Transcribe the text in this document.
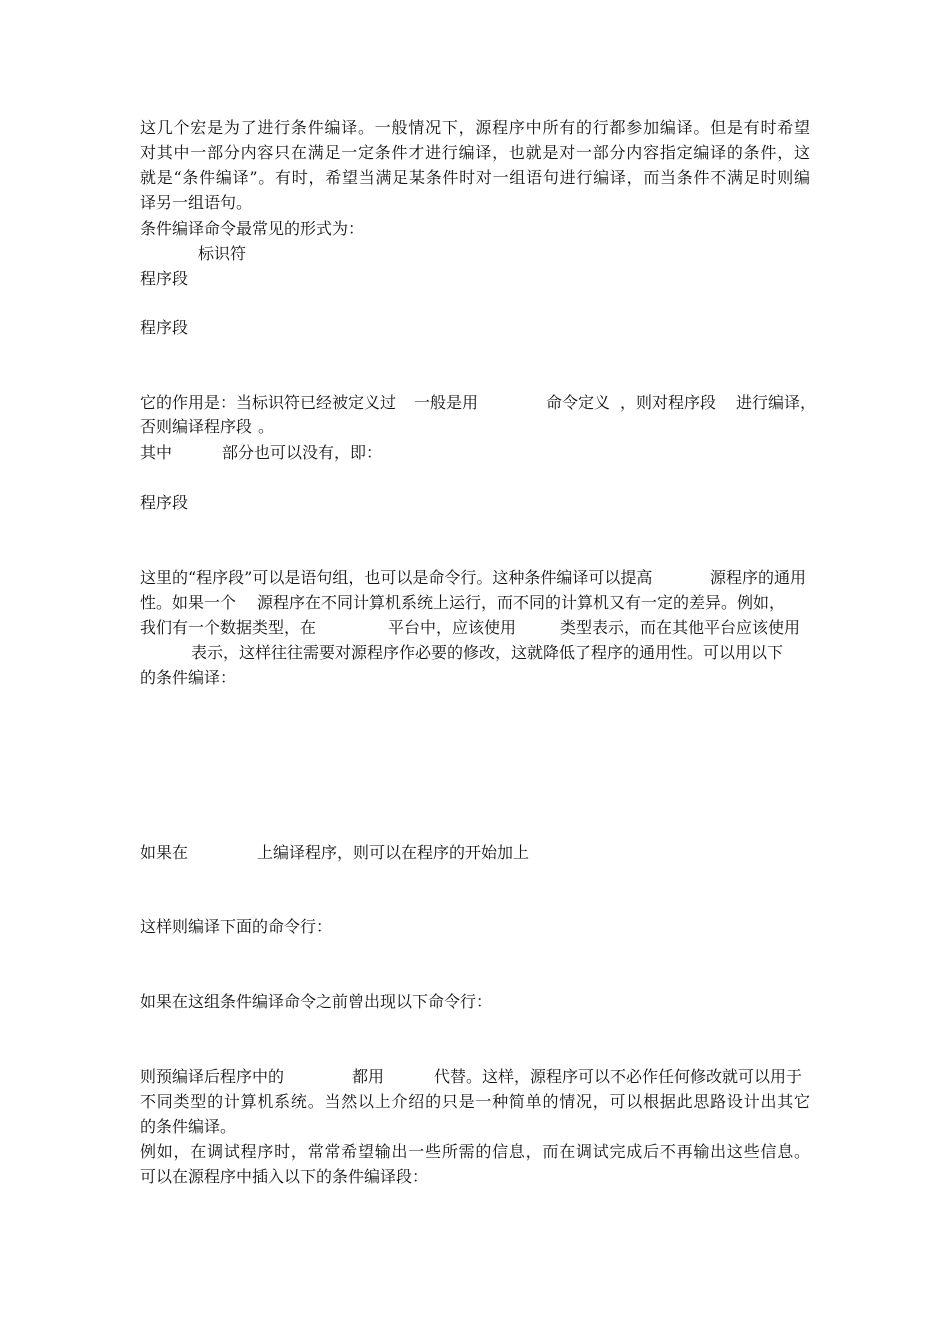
这几个宏是为了进行条件编译。一般情况下，源程序中所有的行都参加编译。但是有时希望
对其中一部分内容只在满足一定条件才进行编译，也就是对一部分内容指定编译的条件，这
就是“条件编译”。有时，希望当满足某条件时对一组语句进行编译，而当条件不满足时则编
译另一组语句。
条件编译命令最常见的形式为：
标识符
程序段
程序段
它的作用是：当标识符已经被定义过 一般是用	命令定义 ，则对程序段 进行编译，
否则编译程序段 。
其中	部分也可以没有，即：
程序段
这里的“程序段”可以是语句组，也可以是命令行。这种条件编译可以提高	源程序的通用
性。如果一个 源程序在不同计算机系统上运行，而不同的计算机又有一定的差异。例如，
我们有一个数据类型，在	平台中，应该使用	类型表示，而在其他平台应该使用
表示，这样往往需要对源程序作必要的修改，这就降低了程序的通用性。可以用以下
的条件编译：
如果在	上编译程序，则可以在程序的开始加上
这样则编译下面的命令行：
如果在这组条件编译命令之前曾出现以下命令行：
则预编译后程序中的	都用	代替。这样，源程序可以不必作任何修改就可以用于
不同类型的计算机系统。当然以上介绍的只是一种简单的情况，可以根据此思路设计出其它
的条件编译。
例如，在调试程序时，常常希望输出一些所需的信息，而在调试完成后不再输出这些信息。
可以在源程序中插入以下的条件编译段：
